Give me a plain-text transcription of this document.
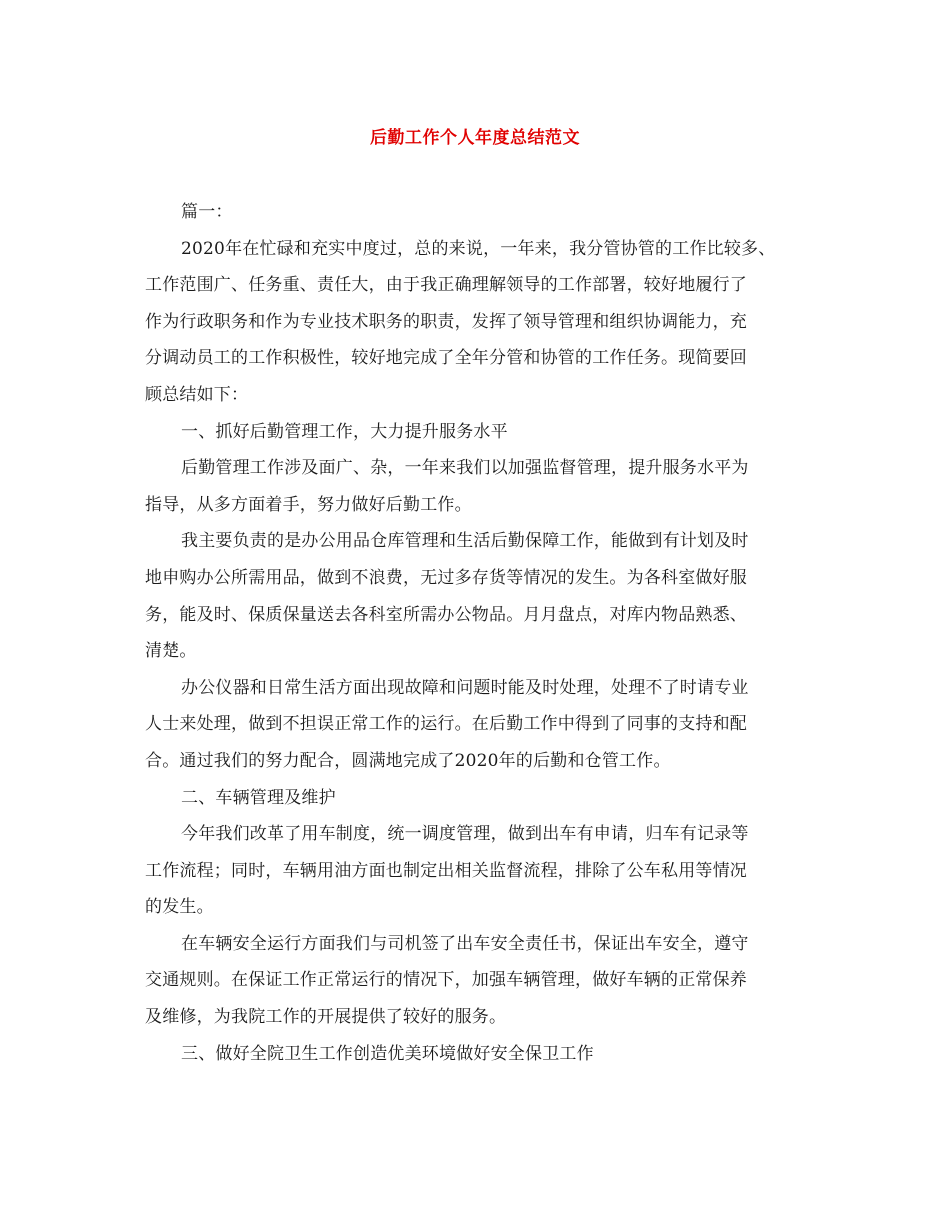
后勤工作个人年度总结范文
篇一：
2020年在忙碌和充实中度过，总的来说，一年来，我分管协管的工作比较多、
工作范围广、任务重、责任大，由于我正确理解领导的工作部署，较好地履行了
作为行政职务和作为专业技术职务的职责，发挥了领导管理和组织协调能力，充
分调动员工的工作积极性，较好地完成了全年分管和协管的工作任务。现简要回
顾总结如下：
一、抓好后勤管理工作，大力提升服务水平
后勤管理工作涉及面广、杂，一年来我们以加强监督管理，提升服务水平为
指导，从多方面着手，努力做好后勤工作。
我主要负责的是办公用品仓库管理和生活后勤保障工作，能做到有计划及时
地申购办公所需用品，做到不浪费，无过多存货等情况的发生。为各科室做好服
务，能及时、保质保量送去各科室所需办公物品。月月盘点，对库内物品熟悉、
清楚。
办公仪器和日常生活方面出现故障和问题时能及时处理，处理不了时请专业
人士来处理，做到不担误正常工作的运行。在后勤工作中得到了同事的支持和配
合。通过我们的努力配合，圆满地完成了2020年的后勤和仓管工作。
二、车辆管理及维护
今年我们改革了用车制度，统一调度管理，做到出车有申请，归车有记录等
工作流程；同时，车辆用油方面也制定出相关监督流程，排除了公车私用等情况
的发生。
在车辆安全运行方面我们与司机签了出车安全责任书，保证出车安全，遵守
交通规则。在保证工作正常运行的情况下，加强车辆管理，做好车辆的正常保养
及维修，为我院工作的开展提供了较好的服务。
三、做好全院卫生工作创造优美环境做好安全保卫工作
